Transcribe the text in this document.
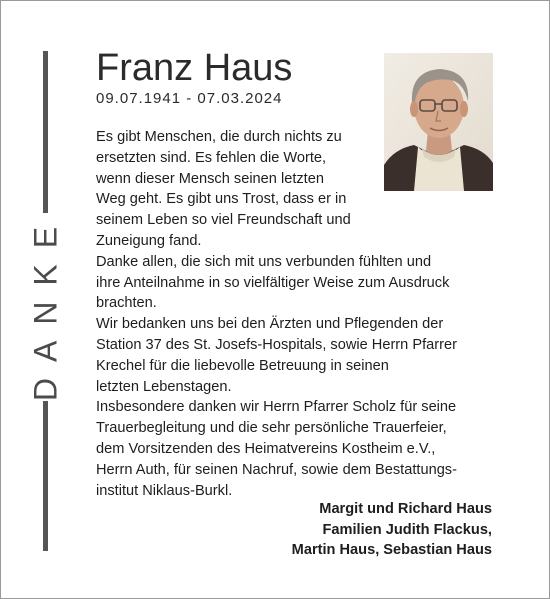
DANKE
Franz Haus
09.07.1941 - 07.03.2024
Es gibt Menschen, die durch nichts zu
ersetzten sind. Es fehlen die Worte,
wenn dieser Mensch seinen letzten
Weg geht. Es gibt uns Trost, dass er in
seinem Leben so viel Freundschaft und
Zuneigung fand.
Danke allen, die sich mit uns verbunden fühlten und
ihre Anteilnahme in so vielfältiger Weise zum Ausdruck
brachten.
Wir bedanken uns bei den Ärzten und Pflegenden der
Station 37 des St. Josefs-Hospitals, sowie Herrn Pfarrer
Krechel für die liebevolle Betreuung in seinen
letzten Lebenstagen.
Insbesondere danken wir Herrn Pfarrer Scholz für seine
Trauerbegleitung und die sehr persönliche Trauerfeier,
dem Vorsitzenden des Heimatvereins Kostheim e.V.,
Herrn Auth, für seinen Nachruf, sowie dem Bestattungs-
institut Niklaus-Burkl.
Margit und Richard Haus
Familien Judith Flackus,
Martin Haus, Sebastian Haus
